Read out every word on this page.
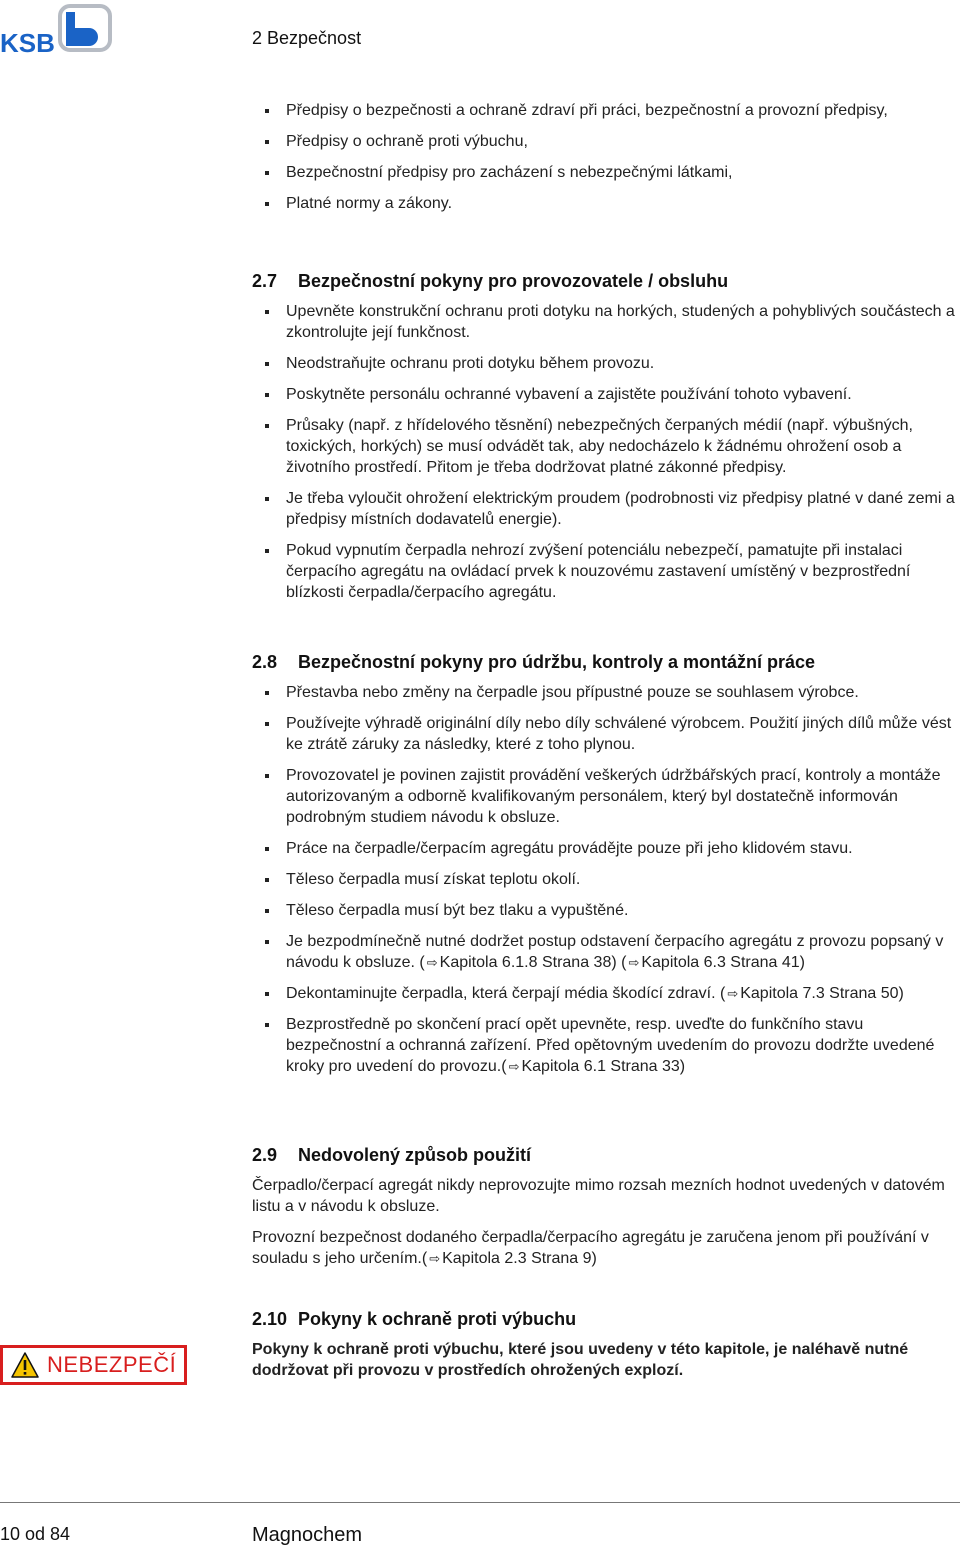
KSB	2 Bezpečnost
Předpisy o bezpečnosti a ochraně zdraví při práci, bezpečnostní a provozní předpisy,
Předpisy o ochraně proti výbuchu,
Bezpečnostní předpisy pro zacházení s nebezpečnými látkami,
Platné normy a zákony.
2.7 Bezpečnostní pokyny pro provozovatele / obsluhu
Upevněte konstrukční ochranu proti dotyku na horkých, studených a pohyblivých součástech a zkontrolujte její funkčnost.
Neodstraňujte ochranu proti dotyku během provozu.
Poskytněte personálu ochranné vybavení a zajistěte používání tohoto vybavení.
Průsaky (např. z hřídelového těsnění) nebezpečných čerpaných médií (např. výbušných, toxických, horkých) se musí odvádět tak, aby nedocházelo k žádnému ohrožení osob a životního prostředí. Přitom je třeba dodržovat platné zákonné předpisy.
Je třeba vyloučit ohrožení elektrickým proudem (podrobnosti viz předpisy platné v dané zemi a předpisy místních dodavatelů energie).
Pokud vypnutím čerpadla nehrozí zvýšení potenciálu nebezpečí, pamatujte při instalaci čerpacího agregátu na ovládací prvek k nouzovému zastavení umístěný v bezprostřední blízkosti čerpadla/čerpacího agregátu.
2.8 Bezpečnostní pokyny pro údržbu, kontroly a montážní práce
Přestavba nebo změny na čerpadle jsou přípustné pouze se souhlasem výrobce.
Používejte výhradě originální díly nebo díly schválené výrobcem. Použití jiných dílů může vést ke ztrátě záruky za následky, které z toho plynou.
Provozovatel je povinen zajistit provádění veškerých údržbářských prací, kontroly a montáže autorizovaným a odborně kvalifikovaným personálem, který byl dostatečně informován podrobným studiem návodu k obsluze.
Práce na čerpadle/čerpacím agregátu provádějte pouze při jeho klidovém stavu.
Těleso čerpadla musí získat teplotu okolí.
Těleso čerpadla musí být bez tlaku a vypuštěné.
Je bezpodmínečně nutné dodržet postup odstavení čerpacího agregátu z provozu popsaný v návodu k obsluze. ( ⇨ Kapitola 6.1.8 Strana 38) ( ⇨ Kapitola 6.3 Strana 41)
Dekontaminujte čerpadla, která čerpají média škodící zdraví. ( ⇨ Kapitola 7.3 Strana 50)
Bezprostředně po skončení prací opět upevněte, resp. uveďte do funkčního stavu bezpečnostní a ochranná zařízení. Před opětovným uvedením do provozu dodržte uvedené kroky pro uvedení do provozu.( ⇨ Kapitola 6.1 Strana 33)
2.9 Nedovolený způsob použití

Čerpadlo/čerpací agregát nikdy neprovozujte mimo rozsah mezních hodnot uvedených v datovém listu a v návodu k obsluze.

Provozní bezpečnost dodaného čerpadla/čerpacího agregátu je zaručena jenom při používání v souladu s jeho určením.( ⇨ Kapitola 2.3 Strana 9)

2.10 Pokyny k ochraně proti výbuchu

Pokyny k ochraně proti výbuchu, které jsou uvedeny v této kapitole, je naléhavě nutné dodržovat při provozu v prostředích ohrožených explozí.

NEBEZPEČÍ
10 od 84	Magnochem
